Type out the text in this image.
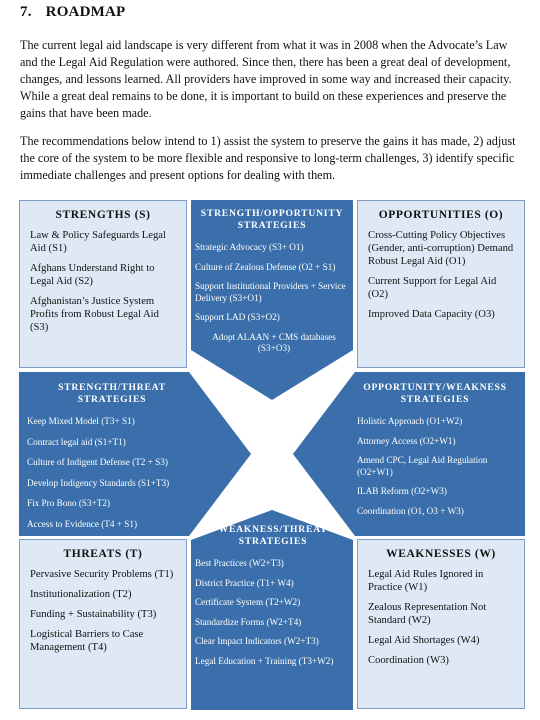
7. ROADMAP

The current legal aid landscape is very different from what it was in 2008 when the Advocate’s Law and the Legal Aid Regulation were authored. Since then, there has been a great deal of development, changes, and lessons learned. All providers have improved in some way and increased their capacity. While a great deal remains to be done, it is important to build on these experiences and preserve the gains that have been made.

The recommendations below intend to 1) assist the system to preserve the gains it has made, 2) adjust the core of the system to be more flexible and responsive to long-term challenges, 3) identify specific immediate challenges and present options for dealing with them.

STRENGTHS (S)
Law & Policy Safeguards Legal Aid (S1)
Afghans Understand Right to Legal Aid (S2)
Afghanistan’s Justice System Profits from Robust Legal Aid (S3)
OPPORTUNITIES (O)
Cross-Cutting Policy Objectives (Gender, anti-corruption) Demand Robust Legal Aid (O1)
Current Support for Legal Aid (O2)
Improved Data Capacity (O3)
THREATS (T)
Pervasive Security Problems (T1)
Institutionalization (T2)
Funding + Sustainability (T3)
Logistical Barriers to Case Management (T4)
WEAKNESSES (W)
Legal Aid Rules Ignored in Practice (W1)
Zealous Representation Not Standard (W2)
Legal Aid Shortages (W4)
Coordination (W3)
STRENGTH/OPPORTUNITY STRATEGIES
Strategic Advocacy (S3+ O1)
Culture of Zealous Defense (O2 + S1)
Support Institutional Providers + Service Delivery (S3+O1)
Support LAD (S3+O2)
Adopt ALAAN + CMS databases (S3+O3)
STRENGTH/THREAT STRATEGIES
Keep Mixed Model (T3+ S1)
Contract legal aid (S1+T1)
Culture of Indigent Defense (T2 + S3)
Develop Indigency Standards (S1+T3)
Fix Pro Bono (S3+T2)
Access to Evidence (T4 + S1)
OPPORTUNITY/WEAKNESS STRATEGIES
Holistic Approach (O1+W2)
Attorney Access (O2+W1)
Amend CPC, Legal Aid Regulation (O2+W1)
ILAB Reform (O2+W3)
Coordination (O1, O3 + W3)
WEAKNESS/THREAT STRATEGIES
Best Practices (W2+T3)
District Practice (T1+ W4)
Certificate System (T2+W2)
Standardize Forms (W2+T4)
Clear Impact Indicators (W2+T3)
Legal Education + Training (T3+W2)
